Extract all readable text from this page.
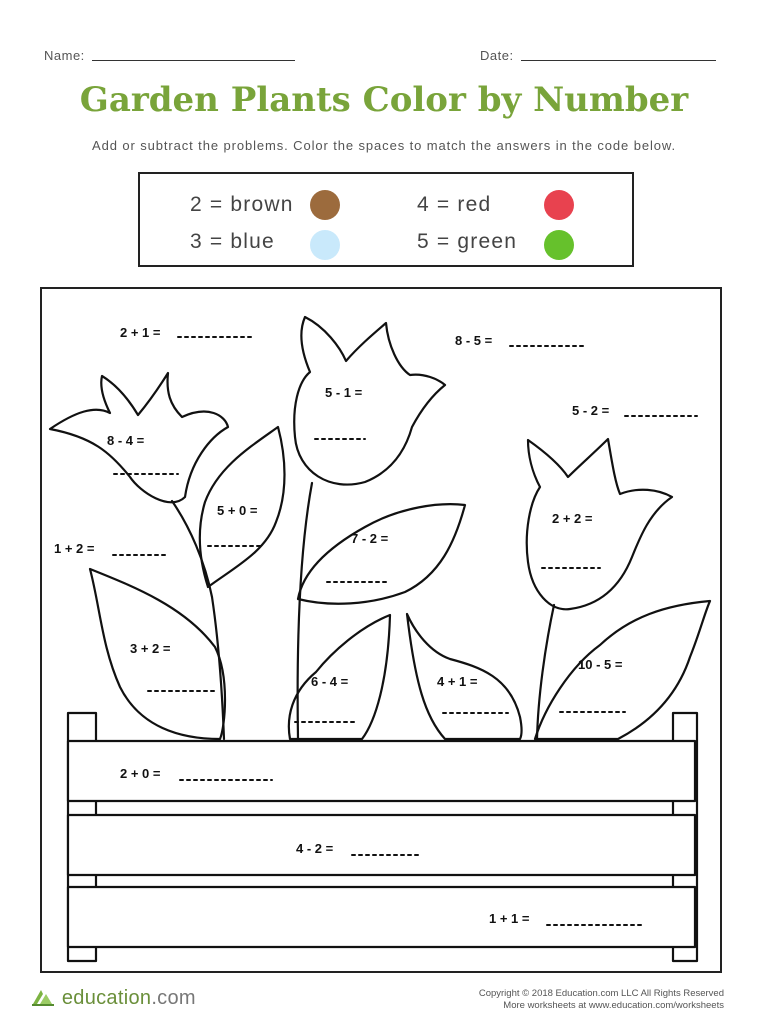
Name:	Date:
Garden Plants Color by Number
Add or subtract the problems. Color the spaces to match the answers in the code below.
2 = brown	4 = red
3 = blue	5 = green
2 + 1 =
8 - 5 =
5 - 2 =
8 - 4 =
5 - 1 =
2 + 2 =
1 + 2 =
5 + 0 =
7 - 2 =
3 + 2 =
6 - 4 =	4 + 1 =
10 - 5 =
2 + 0 =
4 - 2 =
1 + 1 =
education.com	Copyright © 2018 Education.com LLC All Rights Reserved
More worksheets at www.education.com/worksheets
